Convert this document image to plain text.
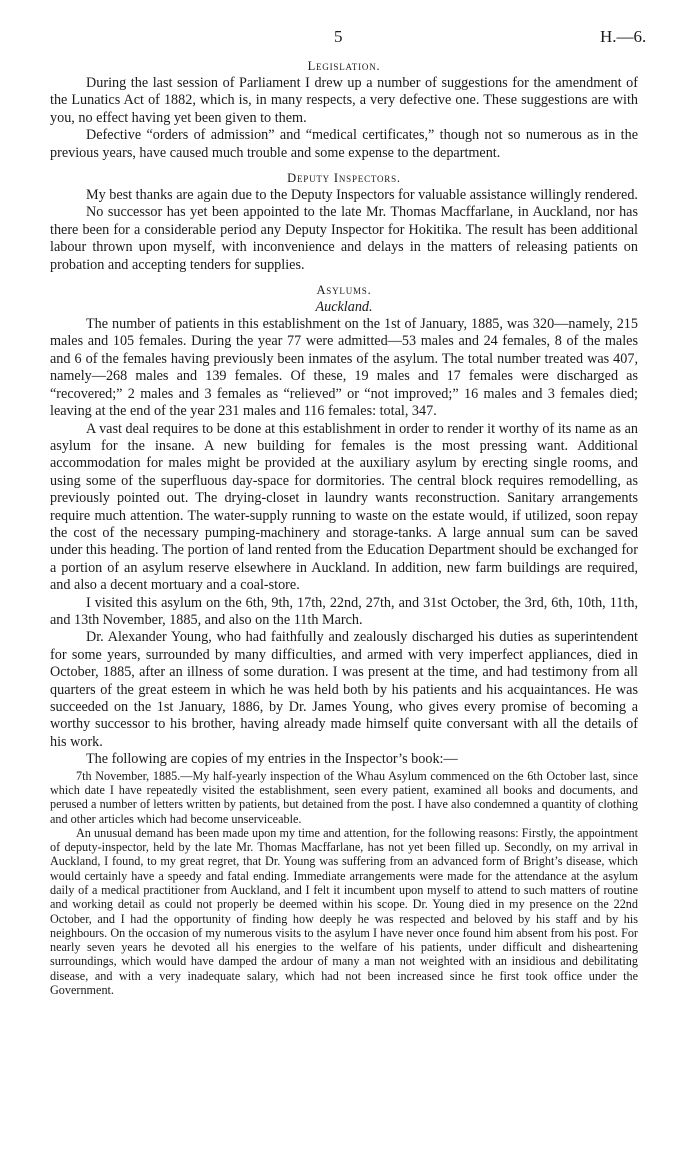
5	H.—6.
Legislation.

During the last session of Parliament I drew up a number of suggestions for the amendment of the Lunatics Act of 1882, which is, in many respects, a very defective one. These suggestions are with you, no effect having yet been given to them.

Defective “orders of admission” and “medical certificates,” though not so numerous as in the previous years, have caused much trouble and some expense to the department.

Deputy Inspectors.

My best thanks are again due to the Deputy Inspectors for valuable assistance willingly rendered.

No successor has yet been appointed to the late Mr. Thomas Macffarlane, in Auckland, nor has there been for a considerable period any Deputy Inspector for Hokitika. The result has been additional labour thrown upon myself, with inconvenience and delays in the matters of releasing patients on probation and accepting tenders for supplies.

Asylums.
Auckland.

The number of patients in this establishment on the 1st of January, 1885, was 320—namely, 215 males and 105 females. During the year 77 were admitted—53 males and 24 females, 8 of the males and 6 of the females having previously been inmates of the asylum. The total number treated was 407, namely—268 males and 139 females. Of these, 19 males and 17 females were discharged as “recovered;” 2 males and 3 females as “relieved” or “not improved;” 16 males and 3 females died; leaving at the end of the year 231 males and 116 females: total, 347.

A vast deal requires to be done at this establishment in order to render it worthy of its name as an asylum for the insane. A new building for females is the most pressing want. Additional accommodation for males might be provided at the auxiliary asylum by erecting single rooms, and using some of the superfluous day-space for dormitories. The central block requires remodelling, as previously pointed out. The drying-closet in laundry wants reconstruction. Sanitary arrangements require much attention. The water-supply running to waste on the estate would, if utilized, soon repay the cost of the necessary pumping-machinery and storage-tanks. A large annual sum can be saved under this heading. The portion of land rented from the Education Department should be exchanged for a portion of an asylum reserve elsewhere in Auckland. In addition, new farm buildings are required, and also a decent mortuary and a coal-store.

I visited this asylum on the 6th, 9th, 17th, 22nd, 27th, and 31st October, the 3rd, 6th, 10th, 11th, and 13th November, 1885, and also on the 11th March.

Dr. Alexander Young, who had faithfully and zealously discharged his duties as superintendent for some years, surrounded by many difficulties, and armed with very imperfect appliances, died in October, 1885, after an illness of some duration. I was present at the time, and had testimony from all quarters of the great esteem in which he was held both by his patients and his acquaintances. He was succeeded on the 1st January, 1886, by Dr. James Young, who gives every promise of becoming a worthy successor to his brother, having already made himself quite conversant with all the details of his work.

The following are copies of my entries in the Inspector’s book:—

7th November, 1885.—My half-yearly inspection of the Whau Asylum commenced on the 6th October last, since which date I have repeatedly visited the establishment, seen every patient, examined all books and documents, and perused a number of letters written by patients, but detained from the post. I have also condemned a quantity of clothing and other articles which had become unserviceable.

An unusual demand has been made upon my time and attention, for the following reasons: Firstly, the appointment of deputy-inspector, held by the late Mr. Thomas Macffarlane, has not yet been filled up. Secondly, on my arrival in Auckland, I found, to my great regret, that Dr. Young was suffering from an advanced form of Bright’s disease, which would certainly have a speedy and fatal ending. Immediate arrangements were made for the attendance at the asylum daily of a medical practitioner from Auckland, and I felt it incumbent upon myself to attend to such matters of routine and working detail as could not properly be deemed within his scope. Dr. Young died in my presence on the 22nd October, and I had the opportunity of finding how deeply he was respected and beloved by his staff and by his neighbours. On the occasion of my numerous visits to the asylum I have never once found him absent from his post. For nearly seven years he devoted all his energies to the welfare of his patients, under difficult and disheartening surroundings, which would have damped the ardour of many a man not weighted with an insidious and debilitating disease, and with a very inadequate salary, which had not been increased since he first took office under the Government.
